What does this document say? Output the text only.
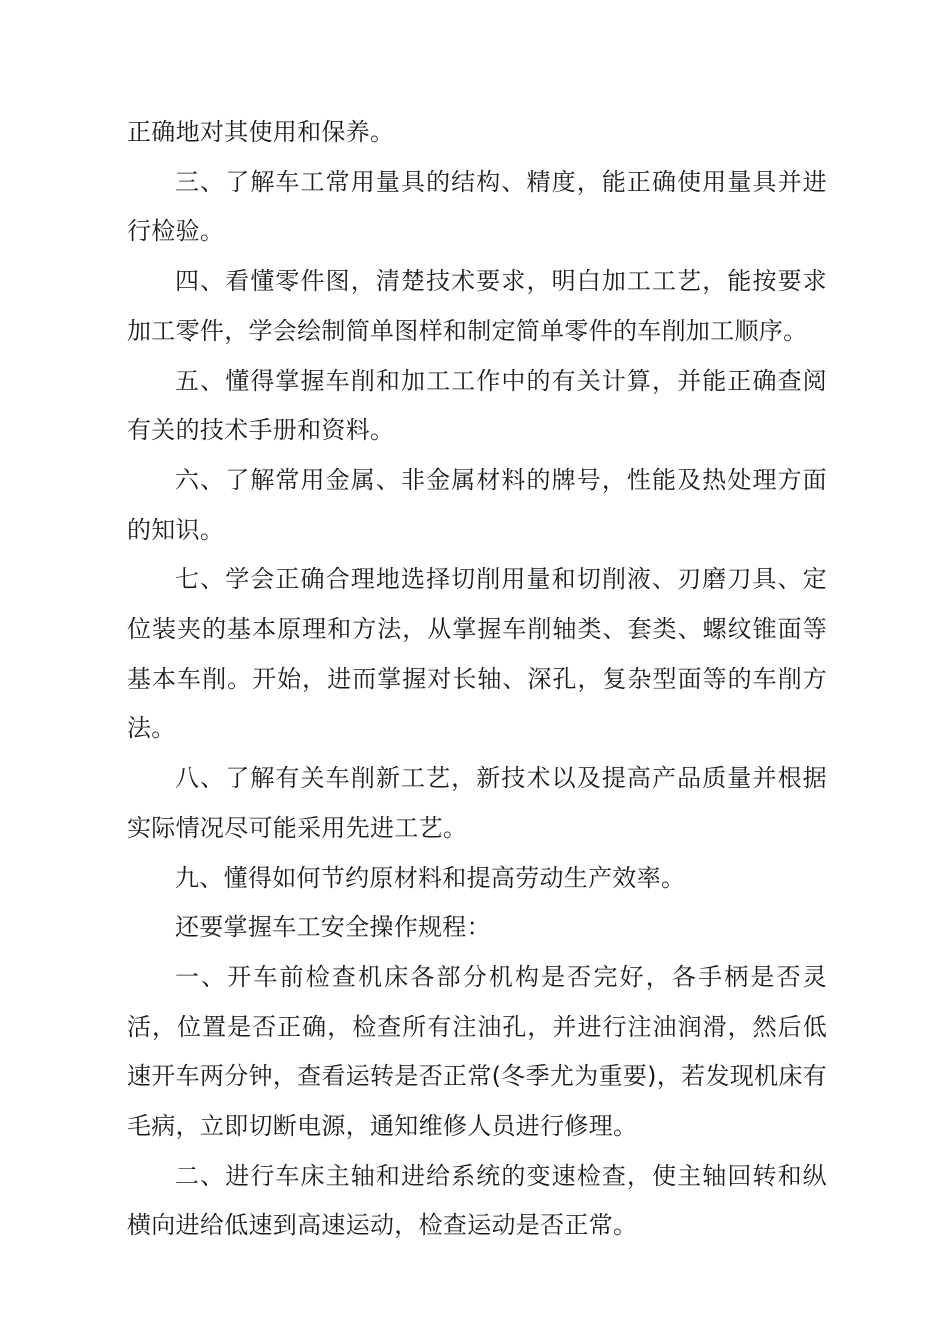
正确地对其使用和保养。

三、了解车工常用量具的结构、精度，能正确使用量具并进行检验。

四、看懂零件图，清楚技术要求，明白加工工艺，能按要求加工零件，学会绘制简单图样和制定简单零件的车削加工顺序。

五、懂得掌握车削和加工工作中的有关计算，并能正确查阅有关的技术手册和资料。

六、了解常用金属、非金属材料的牌号，性能及热处理方面的知识。

七、学会正确合理地选择切削用量和切削液、刃磨刀具、定位装夹的基本原理和方法，从掌握车削轴类、套类、螺纹锥面等基本车削。开始，进而掌握对长轴、深孔，复杂型面等的车削方法。

八、了解有关车削新工艺，新技术以及提高产品质量并根据实际情况尽可能采用先进工艺。

九、懂得如何节约原材料和提高劳动生产效率。

还要掌握车工安全操作规程：

一、开车前检查机床各部分机构是否完好，各手柄是否灵活，位置是否正确，检查所有注油孔，并进行注油润滑，然后低速开车两分钟，查看运转是否正常(冬季尤为重要)，若发现机床有毛病，立即切断电源，通知维修人员进行修理。

二、进行车床主轴和进给系统的变速检查，使主轴回转和纵横向进给低速到高速运动，检查运动是否正常。
